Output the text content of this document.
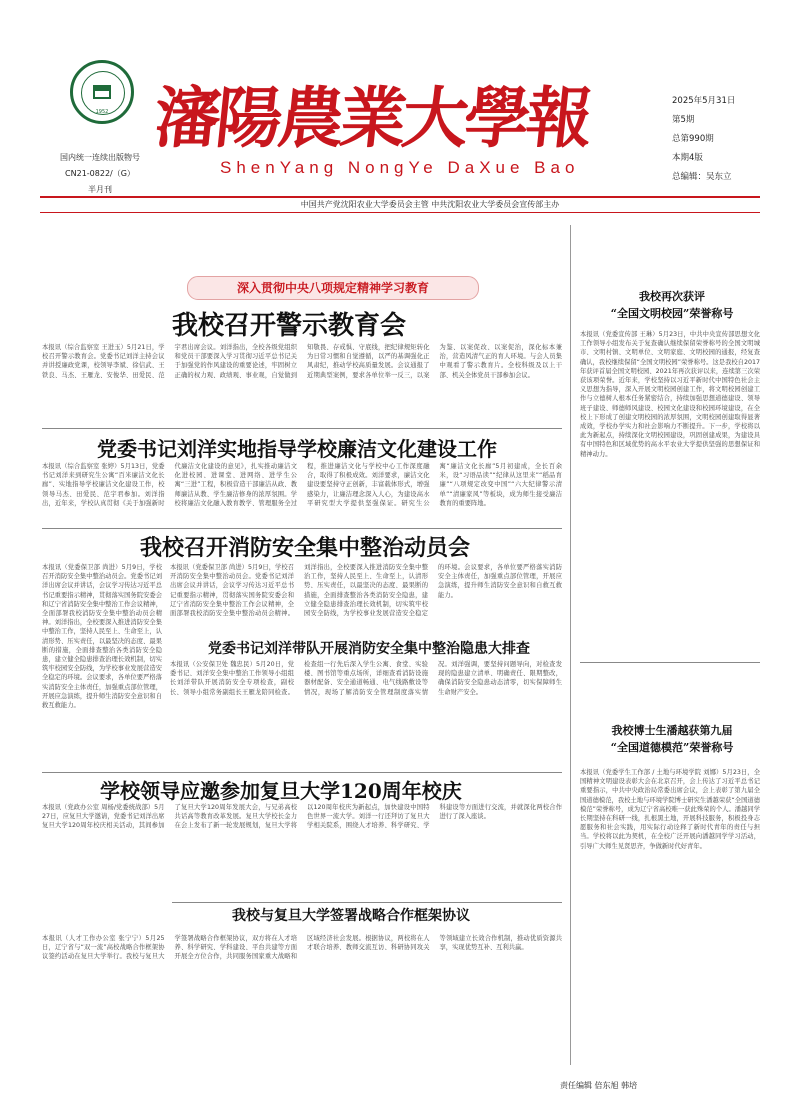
1952
国内统一连续出版物号
CN21-0822/（G）
半月刊
瀋陽農業大學報
ShenYang NongYe DaXue Bao
2025年5月31日
第5期
总第990期
本期4版
总编辑：吴东立
中国共产党沈阳农业大学委员会主管 中共沈阳农业大学委员会宣传部主办
深入贯彻中央八项规定精神学习教育
我校召开警示教育会
本报讯（综合监察室 王进玉）5月21日，学校召开警示教育会。党委书记刘洋主持会议并讲授廉政党课，校领导李斌、徐信武、王铁良、马杰、王雁龙、安俊华、田爱民、范宇君出席会议。刘洋指出，全校各级党组织和党员干部要深入学习贯彻习近平总书记关于加强党的作风建设的重要论述，牢固树立正确的权力观、政绩观、事业观，自觉做到知敬畏、存戒惧、守底线，把纪律规矩转化为日常习惯和自觉遵循，以严的基调强化正风肃纪，推动学校高质量发展。会议通报了近期典型案例，要求各单位举一反三，以案为鉴、以案促改、以案促治，深化标本兼治，营造风清气正的育人环境。与会人员集中观看了警示教育片。全校科级及以上干部、机关全体党员干部参加会议。
党委书记刘洋实地指导学校廉洁文化建设工作
本报讯（综合监察室 张婷）5月13日，党委书记刘洋来到研究生公寓“百米廉洁文化长廊”、实地指导学校廉洁文化建设工作，校领导马杰、田爱民、范宇君参加。刘洋指出，近年来，学校认真贯彻《关于加强新时代廉洁文化建设的意见》，扎实推动廉洁文化进校园、进课堂、进网络、进学生公寓“三进”工程，积极营造干部廉洁从政、教师廉洁从教、学生廉洁修身的浓厚氛围。学校将廉洁文化融入教育教学、管理服务全过程，推进廉洁文化与学校中心工作深度融合，取得了积极成效。刘洋要求，廉洁文化建设要坚持守正创新，丰富载体形式，增强感染力，让廉洁理念深入人心，为建设高水平研究型大学提供坚强保证。研究生公寓“廉洁文化长廊”5月初建成，全长百余米，设“习语品读”“纪律从这里来”“稻品育廉”“八项规定改变中国”“六大纪律警示清单”“清廉家风”等板块，成为师生接受廉洁教育的重要阵地。
我校召开消防安全集中整治动员会
本报讯（党委保卫部 尚进）5月9日，学校召开消防安全集中整治动员会。党委书记刘洋出席会议并讲话，会议学习传达习近平总书记重要指示精神，贯彻落实国务院安委会和辽宁省消防安全集中整治工作会议精神，全面部署我校消防安全集中整治动员会精神。刘洋指出，全校要深入推进消防安全集中整治工作，坚持人民至上、生命至上，认清形势、压实责任，以最坚决的态度、最果断的措施，全面排查整治各类消防安全隐患，建立健全隐患排查治理长效机制，切实筑牢校园安全防线，为学校事业发展营造安全稳定的环境。会议要求，各单位要严格落实消防安全主体责任，加强重点部位管理，开展应急演练，提升师生消防安全意识和自救互救能力。
本报讯（党委保卫部 尚进）5月9日，学校召开消防安全集中整治动员会。党委书记刘洋出席会议并讲话，会议学习传达习近平总书记重要指示精神，贯彻落实国务院安委会和辽宁省消防安全集中整治工作会议精神，全面部署我校消防安全集中整治动员会精神。刘洋指出，全校要深入推进消防安全集中整治工作，坚持人民至上、生命至上，认清形势、压实责任，以最坚决的态度、最果断的措施，全面排查整治各类消防安全隐患，建立健全隐患排查治理长效机制，切实筑牢校园安全防线，为学校事业发展营造安全稳定的环境。会议要求，各单位要严格落实消防安全主体责任，加强重点部位管理，开展应急演练，提升师生消防安全意识和自救互救能力。
党委书记刘洋带队开展消防安全集中整治隐患大排查
本报讯（公安保卫处 魏忠民）5月20日，党委书记、刘洋安全集中整治工作领导小组组长刘洋带队开展消防安全专项检查，副校长、领导小组常务副组长王雁龙陪同检查。检查组一行先后深入学生公寓、食堂、实验楼、图书馆等重点场所，详细查看消防设施器材配备、安全通道畅通、电气线路敷设等情况，现场了解消防安全管理制度落实情况。刘洋强调，要坚持问题导向，对检查发现的隐患建立清单、明确责任、限期整改，确保消防安全隐患动态清零，切实保障师生生命财产安全。
学校领导应邀参加复旦大学120周年校庆
本报讯（党政办公室 周杨/党委统战部）5月27日，应复旦大学邀请，党委书记刘洋出席复旦大学120周年校庆相关活动，其间参加了复旦大学120周年发展大会，与兄弟高校共话高等教育改革发展。复旦大学校长金力在会上发布了新一轮发展规划，复旦大学将以120周年校庆为新起点，加快建设中国特色世界一流大学。刘洋一行还拜访了复旦大学相关院系，围绕人才培养、科学研究、学科建设等方面进行交流，并就深化两校合作进行了深入座谈。
我校与复旦大学签署战略合作框架协议
本报讯（人才工作办公室 张宁宁）5月25日，辽宁省与“双一流”高校战略合作框架协议签约活动在复旦大学举行。我校与复旦大学签署战略合作框架协议，双方将在人才培养、科学研究、学科建设、平台共建等方面开展全方位合作，共同服务国家重大战略和区域经济社会发展。根据协议，两校将在人才联合培养、教师交流互访、科研协同攻关等领域建立长效合作机制，推动优质资源共享，实现优势互补、互利共赢。
我校再次获评
“全国文明校园”荣誉称号
本报讯（党委宣传部 王琳）5月23日，中共中央宣传部思想文化工作领导小组发布关于复查确认继续保留荣誉称号的全国文明城市、文明村镇、文明单位、文明家庭、文明校园的通报，经复查确认，我校继续保留“全国文明校园”荣誉称号。这是我校自2017年获评首届全国文明校园、2021年再次获评以来，连续第三次荣获该项荣誉。近年来，学校坚持以习近平新时代中国特色社会主义思想为指导，深入开展文明校园创建工作，将文明校园创建工作与立德树人根本任务紧密结合，持续加强思想道德建设、领导班子建设、师德师风建设、校园文化建设和校园环境建设，在全校上下形成了创建文明校园的浓厚氛围，文明校园创建取得显著成效，学校办学实力和社会影响力不断提升。下一步，学校将以此为新起点，持续深化文明校园建设，巩固创建成果，为建设具有中国特色和区域优势的高水平农业大学提供坚强的思想保证和精神动力。
我校博士生潘越获第九届
“全国道德模范”荣誉称号
本报讯（党委学生工作部 / 土地与环境学院 刘娜）5月23日，全国精神文明建设表彰大会在北京召开，会上传达了习近平总书记重要指示，中共中央政治局常委出席会议，会上表彰了第九届全国道德模范，我校土地与环境学院博士研究生潘越荣获“全国道德模范”荣誉称号，成为辽宁省高校唯一获此殊荣的个人。潘越同学长期坚持在科研一线，扎根黑土地，开展科技服务，积极投身志愿服务和社会实践，用实际行动诠释了新时代青年的责任与担当。学校将以此为契机，在全校广泛开展向潘越同学学习活动，引导广大师生见贤思齐，争做新时代好青年。
责任编辑 倍东旭 韩培
